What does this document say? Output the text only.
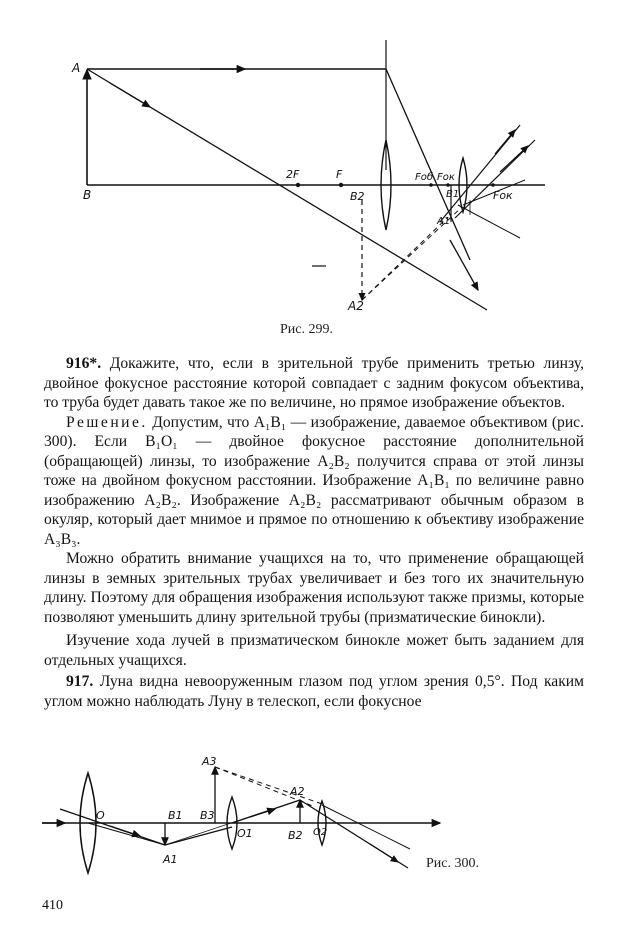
A
B
2F	F
B2
A2
Fоб Fок
B1
A1
Fок
Рис. 299.

916*. Докажите, что, если в зрительной трубе применить третью линзу, двойное фокусное расстояние которой совпадает с задним фокусом объектива, то труба будет давать такое же по величине, но прямое изображение объектов.

Решение. Допустим, что A₁B₁ — изображение, даваемое объективом (рис. 300). Если B₁O₁ — двойное фокусное расстояние дополнительной (обращающей) линзы, то изображение A₂B₂ получится справа от этой линзы тоже на двойном фокусном расстоянии. Изображение A₁B₁ по величине равно изображению A₂B₂. Изображение A₂B₂ рассматривают обычным образом в окуляр, который дает мнимое и прямое по отношению к объективу изображение A₃B₃.

Можно обратить внимание учащихся на то, что применение обращающей линзы в земных зрительных трубах увеличивает и без того их значительную длину. Поэтому для обращения изображения используют также призмы, которые позволяют уменьшить длину зрительной трубы (призматические бинокли).

Изучение хода лучей в призматическом бинокле может быть заданием для отдельных учащихся.

917. Луна видна невооруженным глазом под углом зрения 0,5°. Под каким углом можно наблюдать Луну в телескоп, если фокусное

O	B1
A1
B3
A3
O1
A2
B2 O2
Рис. 300.
410
